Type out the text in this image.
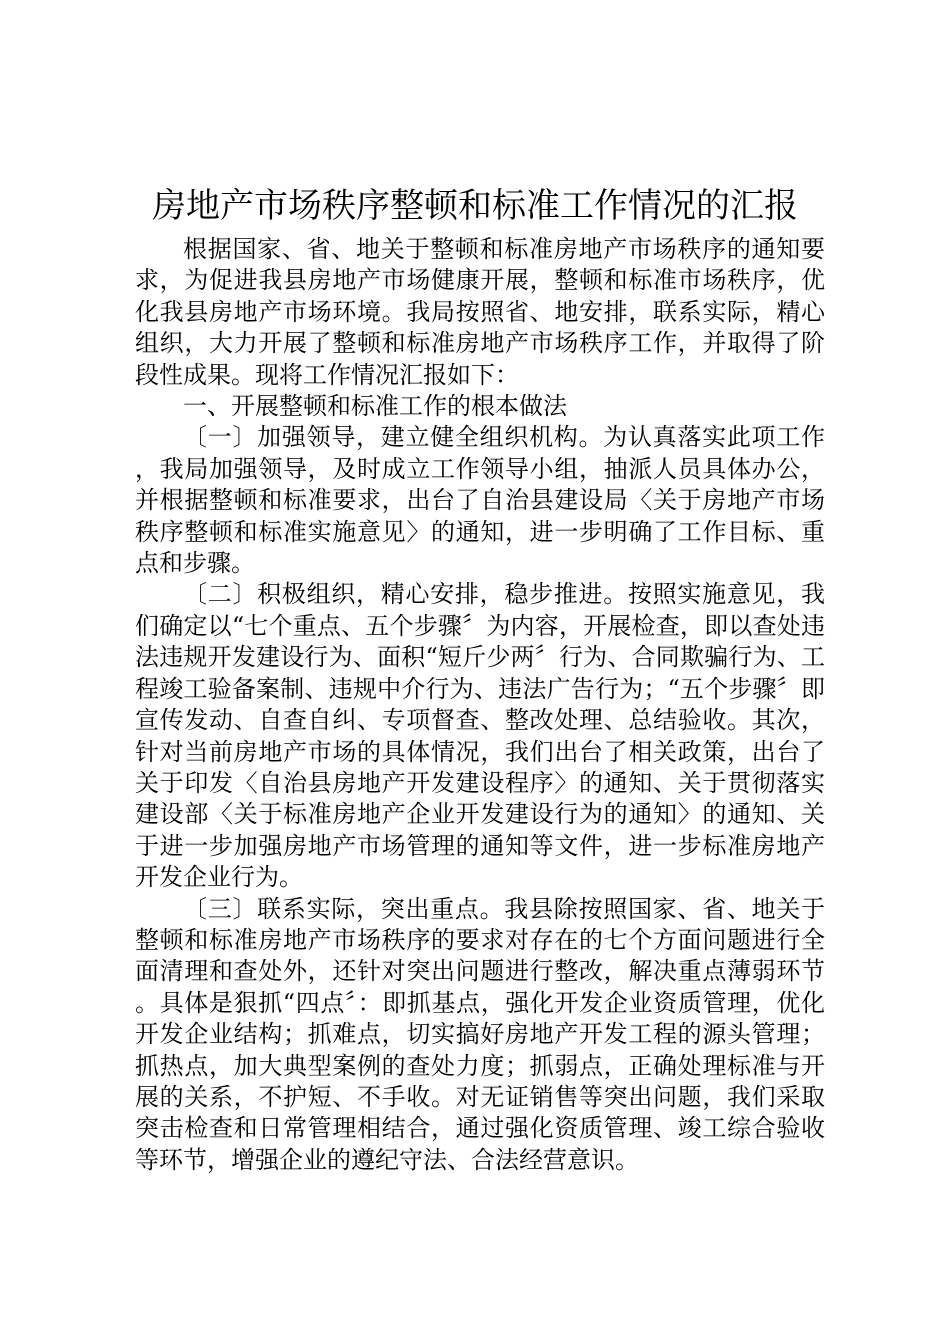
房地产市场秩序整顿和标准工作情况的汇报

根据国家、省、地关于整顿和标准房地产市场秩序的通知要求，为促进我县房地产市场健康开展，整顿和标准市场秩序，优化我县房地产市场环境。我局按照省、地安排，联系实际，精心组织，大力开展了整顿和标准房地产市场秩序工作，并取得了阶段性成果。现将工作情况汇报如下：

一、开展整顿和标准工作的根本做法

〔一〕加强领导，建立健全组织机构。为认真落实此项工作，我局加强领导，及时成立工作领导小组，抽派人员具体办公，并根据整顿和标准要求，出台了自治县建设局〈关于房地产市场秩序整顿和标准实施意见〉的通知，进一步明确了工作目标、重点和步骤。

〔二〕积极组织，精心安排，稳步推进。按照实施意见，我们确定以“七个重点、五个步骤〞为内容，开展检查，即以查处违法违规开发建设行为、面积“短斤少两〞行为、合同欺骗行为、工程竣工验备案制、违规中介行为、违法广告行为；“五个步骤〞即宣传发动、自查自纠、专项督查、整改处理、总结验收。其次，针对当前房地产市场的具体情况，我们出台了相关政策，出台了关于印发〈自治县房地产开发建设程序〉的通知、关于贯彻落实建设部〈关于标准房地产企业开发建设行为的通知〉的通知、关于进一步加强房地产市场管理的通知等文件，进一步标准房地产开发企业行为。

〔三〕联系实际，突出重点。我县除按照国家、省、地关于整顿和标准房地产市场秩序的要求对存在的七个方面问题进行全面清理和查处外，还针对突出问题进行整改，解决重点薄弱环节。具体是狠抓“四点〞：即抓基点，强化开发企业资质管理，优化开发企业结构；抓难点，切实搞好房地产开发工程的源头管理；抓热点，加大典型案例的查处力度；抓弱点，正确处理标准与开展的关系，不护短、不手收。对无证销售等突出问题，我们采取突击检查和日常管理相结合，通过强化资质管理、竣工综合验收等环节，增强企业的遵纪守法、合法经营意识。
